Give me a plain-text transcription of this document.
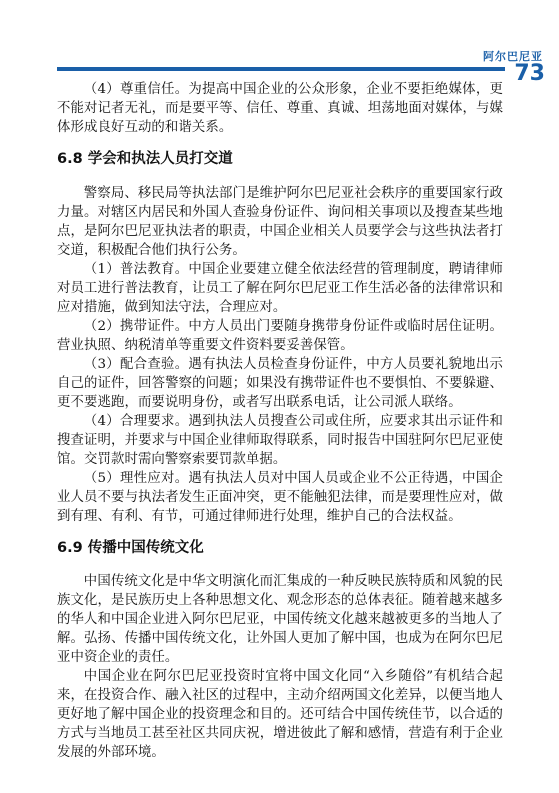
阿尔巴尼亚
73

（4）尊重信任。为提高中国企业的公众形象，企业不要拒绝媒体，更不能对记者无礼，而是要平等、信任、尊重、真诚、坦荡地面对媒体，与媒体形成良好互动的和谐关系。

6.8 学会和执法人员打交道

警察局、移民局等执法部门是维护阿尔巴尼亚社会秩序的重要国家行政力量。对辖区内居民和外国人查验身份证件、询问相关事项以及搜查某些地点，是阿尔巴尼亚执法者的职责，中国企业相关人员要学会与这些执法者打交道，积极配合他们执行公务。

（1）普法教育。中国企业要建立健全依法经营的管理制度，聘请律师对员工进行普法教育，让员工了解在阿尔巴尼亚工作生活必备的法律常识和应对措施，做到知法守法，合理应对。

（2）携带证件。中方人员出门要随身携带身份证件或临时居住证明。营业执照、纳税清单等重要文件资料要妥善保管。

（3）配合查验。遇有执法人员检查身份证件，中方人员要礼貌地出示自己的证件，回答警察的问题；如果没有携带证件也不要惧怕、不要躲避、更不要逃跑，而要说明身份，或者写出联系电话，让公司派人联络。

（4）合理要求。遇到执法人员搜查公司或住所，应要求其出示证件和搜查证明，并要求与中国企业律师取得联系，同时报告中国驻阿尔巴尼亚使馆。交罚款时需向警察索要罚款单据。

（5）理性应对。遇有执法人员对中国人员或企业不公正待遇，中国企业人员不要与执法者发生正面冲突，更不能触犯法律，而是要理性应对，做到有理、有利、有节，可通过律师进行处理，维护自己的合法权益。

6.9 传播中国传统文化

中国传统文化是中华文明演化而汇集成的一种反映民族特质和风貌的民族文化，是民族历史上各种思想文化、观念形态的总体表征。随着越来越多的华人和中国企业进入阿尔巴尼亚，中国传统文化越来越被更多的当地人了解。弘扬、传播中国传统文化，让外国人更加了解中国，也成为在阿尔巴尼亚中资企业的责任。

中国企业在阿尔巴尼亚投资时宜将中国文化同“入乡随俗”有机结合起来，在投资合作、融入社区的过程中，主动介绍两国文化差异，以便当地人更好地了解中国企业的投资理念和目的。还可结合中国传统佳节，以合适的方式与当地员工甚至社区共同庆祝，增进彼此了解和感情，营造有利于企业发展的外部环境。
